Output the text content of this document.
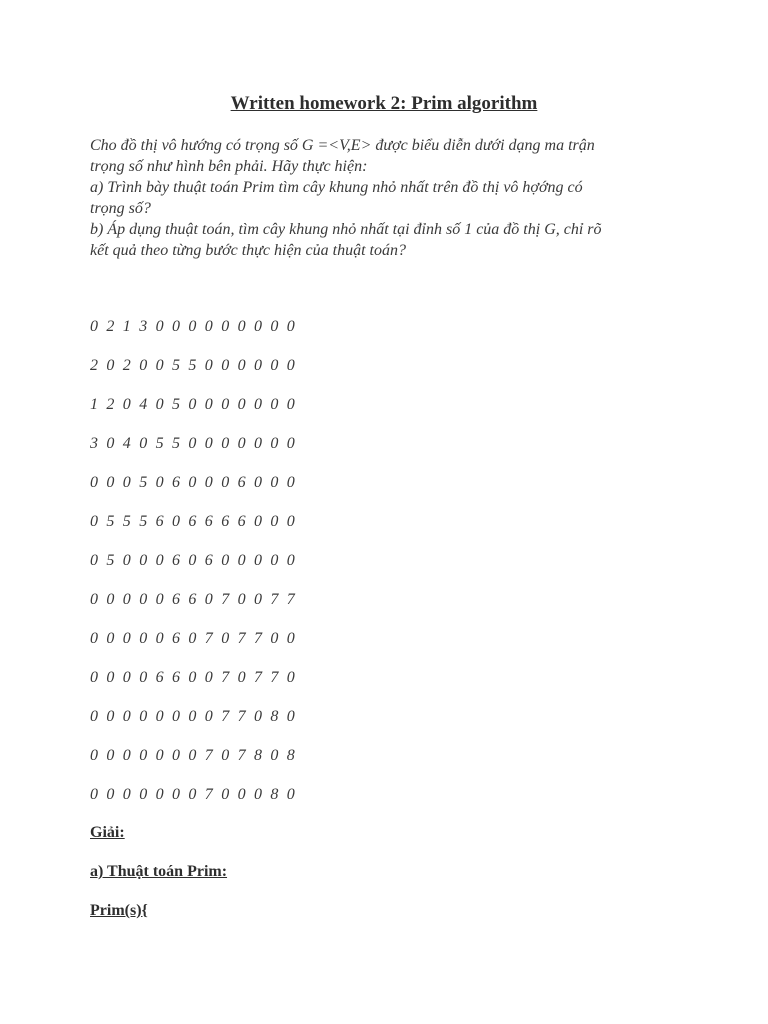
Written homework 2: Prim algorithm
Cho đồ thị vô hướng có trọng số G =<V,E> được biểu diễn dưới dạng ma trận
trọng số như hình bên phải. Hãy thực hiện:
a) Trình bày thuật toán Prim tìm cây khung nhỏ nhất trên đồ thị vô hợớng có
trọng số?
b) Áp dụng thuật toán, tìm cây khung nhỏ nhất tại đỉnh số 1 của đồ thị G, chỉ rõ
kết quả theo từng bước thực hiện của thuật toán?
0 2 1 3 0 0 0 0 0 0 0 0 0
2 0 2 0 0 5 5 0 0 0 0 0 0
1 2 0 4 0 5 0 0 0 0 0 0 0
3 0 4 0 5 5 0 0 0 0 0 0 0
0 0 0 5 0 6 0 0 0 6 0 0 0
0 5 5 5 6 0 6 6 6 6 0 0 0
0 5 0 0 0 6 0 6 0 0 0 0 0
0 0 0 0 0 6 6 0 7 0 0 7 7
0 0 0 0 0 6 0 7 0 7 7 0 0
0 0 0 0 6 6 0 0 7 0 7 7 0
0 0 0 0 0 0 0 0 7 7 0 8 0
0 0 0 0 0 0 0 7 0 7 8 0 8
0 0 0 0 0 0 0 7 0 0 0 8 0
Giải:
a) Thuật toán Prim:
Prim(s){
